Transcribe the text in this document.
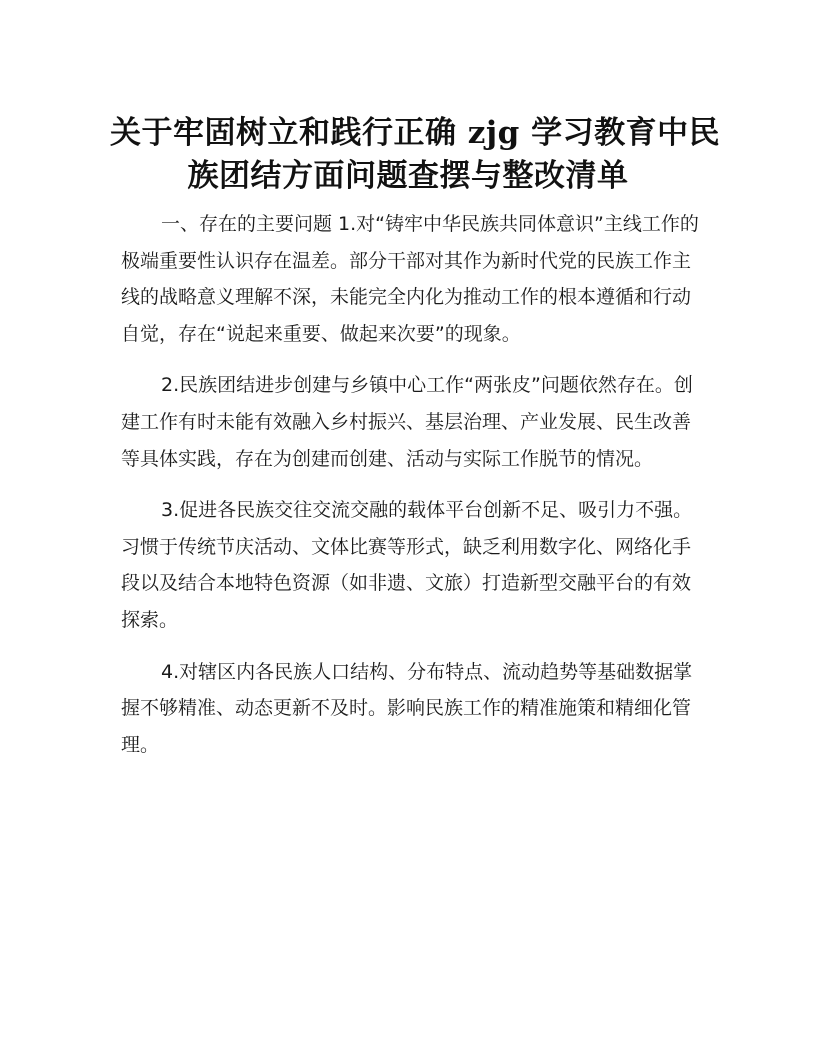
关于牢固树立和践行正确 zjg 学习教育中民
族团结方面问题查摆与整改清单

一、存在的主要问题 1.对“铸牢中华民族共同体意识”主线工作的极端重要性认识存在温差。部分干部对其作为新时代党的民族工作主线的战略意义理解不深，未能完全内化为推动工作的根本遵循和行动自觉，存在“说起来重要、做起来次要”的现象。

2.民族团结进步创建与乡镇中心工作“两张皮”问题依然存在。创建工作有时未能有效融入乡村振兴、基层治理、产业发展、民生改善等具体实践，存在为创建而创建、活动与实际工作脱节的情况。

3.促进各民族交往交流交融的载体平台创新不足、吸引力不强。习惯于传统节庆活动、文体比赛等形式，缺乏利用数字化、网络化手段以及结合本地特色资源（如非遗、文旅）打造新型交融平台的有效探索。

4.对辖区内各民族人口结构、分布特点、流动趋势等基础数据掌握不够精准、动态更新不及时。影响民族工作的精准施策和精细化管理。
